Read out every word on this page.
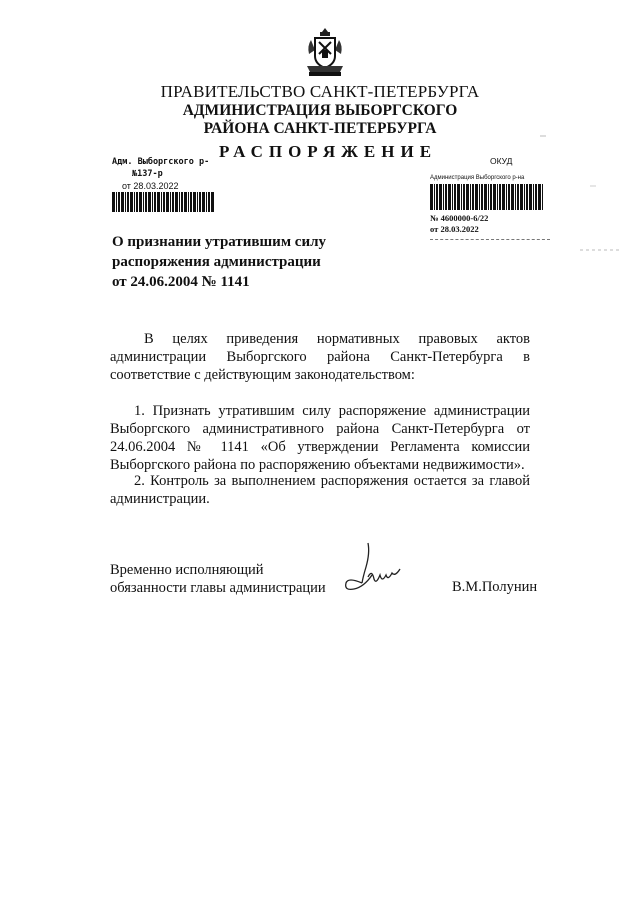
ПРАВИТЕЛЬСТВО САНКТ-ПЕТЕРБУРГА
АДМИНИСТРАЦИЯ ВЫБОРГСКОГО
РАЙОНА САНКТ-ПЕТЕРБУРГА
РАСПОРЯЖЕНИЕ
Адм. Выборгского р-
№137-р
от 28.03.2022
ОКУД
Администрация Выборгского р-на
№ 4600000-6/22
от 28.03.2022
О признании утратившим силу
распоряжения администрации
от 24.06.2004 № 1141
В целях приведения нормативных правовых актов администрации Выборгского района Санкт-Петербурга в соответствие с действующим законодательством:
1. Признать утратившим силу распоряжение администрации Выборгского административного района Санкт-Петербурга от 24.06.2004 № 1141 «Об утверждении Регламента комиссии Выборгского района по распоряжению объектами недвижимости».
2. Контроль за выполнением распоряжения остается за главой администрации.
Временно исполняющий
обязанности главы администрации	В.М.Полунин
